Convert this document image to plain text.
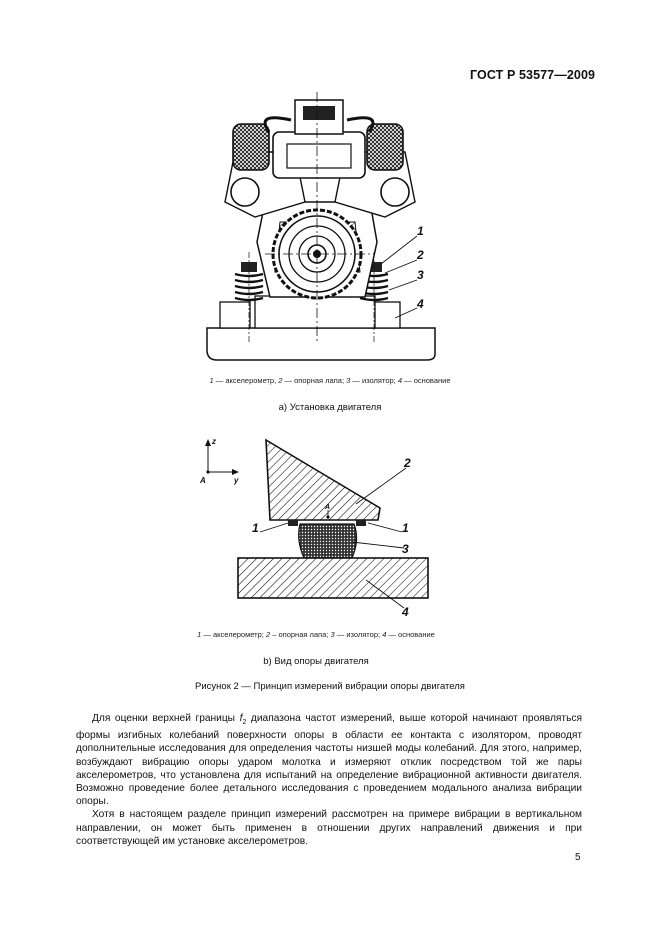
ГОСТ Р 53577—2009
1
2
3
4
1 — акселерометр, 2 — опорная лапа; 3 — изолятор; 4 — основание
а) Установка двигателя
z
y
A
A
2
1	1
3
4
1 — акселерометр; 2 – опорная лапа; 3 — изолятор; 4 — основание
b) Вид опоры двигателя
Рисунок 2 — Принцип измерений вибрации опоры двигателя

Для оценки верхней границы $f_2$ диапазона частот измерений, выше которой начинают проявляться формы изгибных колебаний поверхности опоры в области ее контакта с изолятором, проводят дополнительные исследования для определения частоты низшей моды колебаний. Для этого, например, возбуждают вибрацию опоры ударом молотка и измеряют отклик посредством той же пары акселерометров, что установлена для испытаний на определение вибрационной активности двигателя. Возможно проведение более детального исследования с проведением модального анализа вибрации опоры.

Хотя в настоящем разделе принцип измерений рассмотрен на примере вибрации в вертикальном направлении, он может быть применен в отношении других направлений движения и при соответствующей им установке акселерометров.

5
